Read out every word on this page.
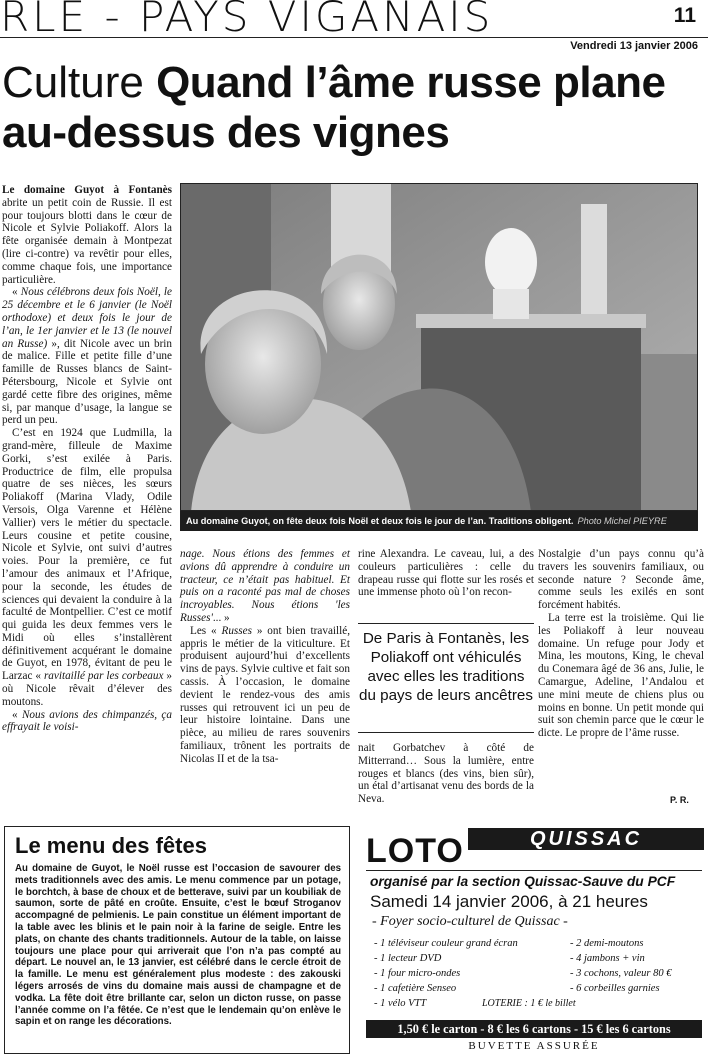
RLE - PAYS VIGANAIS	11
Vendredi 13 janvier 2006
Culture Quand l’âme russe plane au-dessus des vignes

Le domaine Guyot à Fontanès abrite un petit coin de Russie. Il est pour toujours blotti dans le cœur de Nicole et Sylvie Poliakoff. Alors la fête organisée demain à Montpezat (lire ci-contre) va revêtir pour elles, comme chaque fois, une importance particulière.

« Nous célébrons deux fois Noël, le 25 décembre et le 6 janvier (le Noël orthodoxe) et deux fois le jour de l’an, le 1er janvier et le 13 (le nouvel an Russe) », dit Nicole avec un brin de malice. Fille et petite fille d’une famille de Russes blancs de Saint-Pétersbourg, Nicole et Sylvie ont gardé cette fibre des origines, même si, par manque d’usage, la langue se perd un peu.

C’est en 1924 que Ludmilla, la grand-mère, filleule de Maxime Gorki, s’est exilée à Paris. Productrice de film, elle propulsa quatre de ses nièces, les sœurs Poliakoff (Marina Vlady, Odile Versois, Olga Varenne et Hélène Vallier) vers le métier du spectacle. Leurs cousine et petite cousine, Nicole et Sylvie, ont suivi d’autres voies. Pour la première, ce fut l’amour des animaux et l’Afrique, pour la seconde, les études de sciences qui devaient la conduire à la faculté de Montpellier. C’est ce motif qui guida les deux femmes vers le Midi où elles s’installèrent définitivement acquérant le domaine de Guyot, en 1978, évitant de peu le Larzac « ravitaillé par les corbeaux » où Nicole rêvait d’élever des moutons.

« Nous avions des chimpanzés, ça effrayait le voisi-

Au domaine Guyot, on fête deux fois Noël et deux fois le jour de l’an. Traditions obligent. Photo Michel PIEYRE

nage. Nous étions des femmes et avions dû apprendre à conduire un tracteur, ce n’était pas habituel. Et puis on a raconté pas mal de choses incroyables. Nous étions 'les Russes'... »

Les « Russes » ont bien travaillé, appris le métier de la viticulture. Et produisent aujourd’hui d’excellents vins de pays. Sylvie cultive et fait son cassis. À l’occasion, le domaine devient le rendez-vous des amis russes qui retrouvent ici un peu de leur histoire lointaine. Dans une pièce, au milieu de rares souvenirs familiaux, trônent les portraits de Nicolas II et de la tsa-

rine Alexandra. Le caveau, lui, a des couleurs particulières : celle du drapeau russe qui flotte sur les rosés et une immense photo où l’on recon-

De Paris à Fontanès, les Poliakoff ont véhiculés avec elles les traditions du pays de leurs ancêtres

nait Gorbatchev à côté de Mitterrand… Sous la lumière, entre rouges et blancs (des vins, bien sûr), un étal d’artisanat venu des bords de la Neva.

Nostalgie d’un pays connu qu’à travers les souvenirs familiaux, ou seconde nature ? Seconde âme, comme seuls les exilés en sont forcément habités.

La terre est la troisième. Qui lie les Poliakoff à leur nouveau domaine. Un refuge pour Jody et Mina, les moutons, King, le cheval du Conemara âgé de 36 ans, Julie, le Camargue, Adeline, l’Andalou et une mini meute de chiens plus ou moins en bonne. Un petit monde qui suit son chemin parce que le cœur le dicte. Le propre de l’âme russe.

P. R.
Le menu des fêtes
Au domaine de Guyot, le Noël russe est l’occasion de savourer des mets traditionnels avec des amis. Le menu commence par un potage, le borchtch, à base de choux et de betterave, suivi par un koubiliak de saumon, sorte de pâté en croûte. Ensuite, c’est le bœuf Stroganov accompagné de pelmienis. Le pain constitue un élément important de la table avec les blinis et le pain noir à la farine de seigle. Entre les plats, on chante des chants traditionnels. Autour de la table, on laisse toujours une place pour qui arriverait que l’on n’a pas compté au départ. Le nouvel an, le 13 janvier, est célébré dans le cercle étroit de la famille. Le menu est généralement plus modeste : des zakouski légers arrosés de vins du domaine mais aussi de champagne et de vodka. La fête doit être brillante car, selon un dicton russe, on passe l’année comme on l’a fêtée. Ce n’est que le lendemain qu’on enlève le sapin et on range les décorations.
LOTO	QUISSAC
organisé par la section Quissac-Sauve du PCF
Samedi 14 janvier 2006, à 21 heures
- Foyer socio-culturel de Quissac -
- 1 téléviseur couleur grand écran
- 1 lecteur DVD
- 1 four micro-ondes
- 1 cafetière Senseo
- 1 vélo VTT
- 2 demi-moutons
- 4 jambons + vin
- 3 cochons, valeur 80 €
- 6 corbeilles garnies
LOTERIE : 1 € le billet
1,50 € le carton - 8 € les 6 cartons - 15 € les 6 cartons
BUVETTE ASSURÉE
